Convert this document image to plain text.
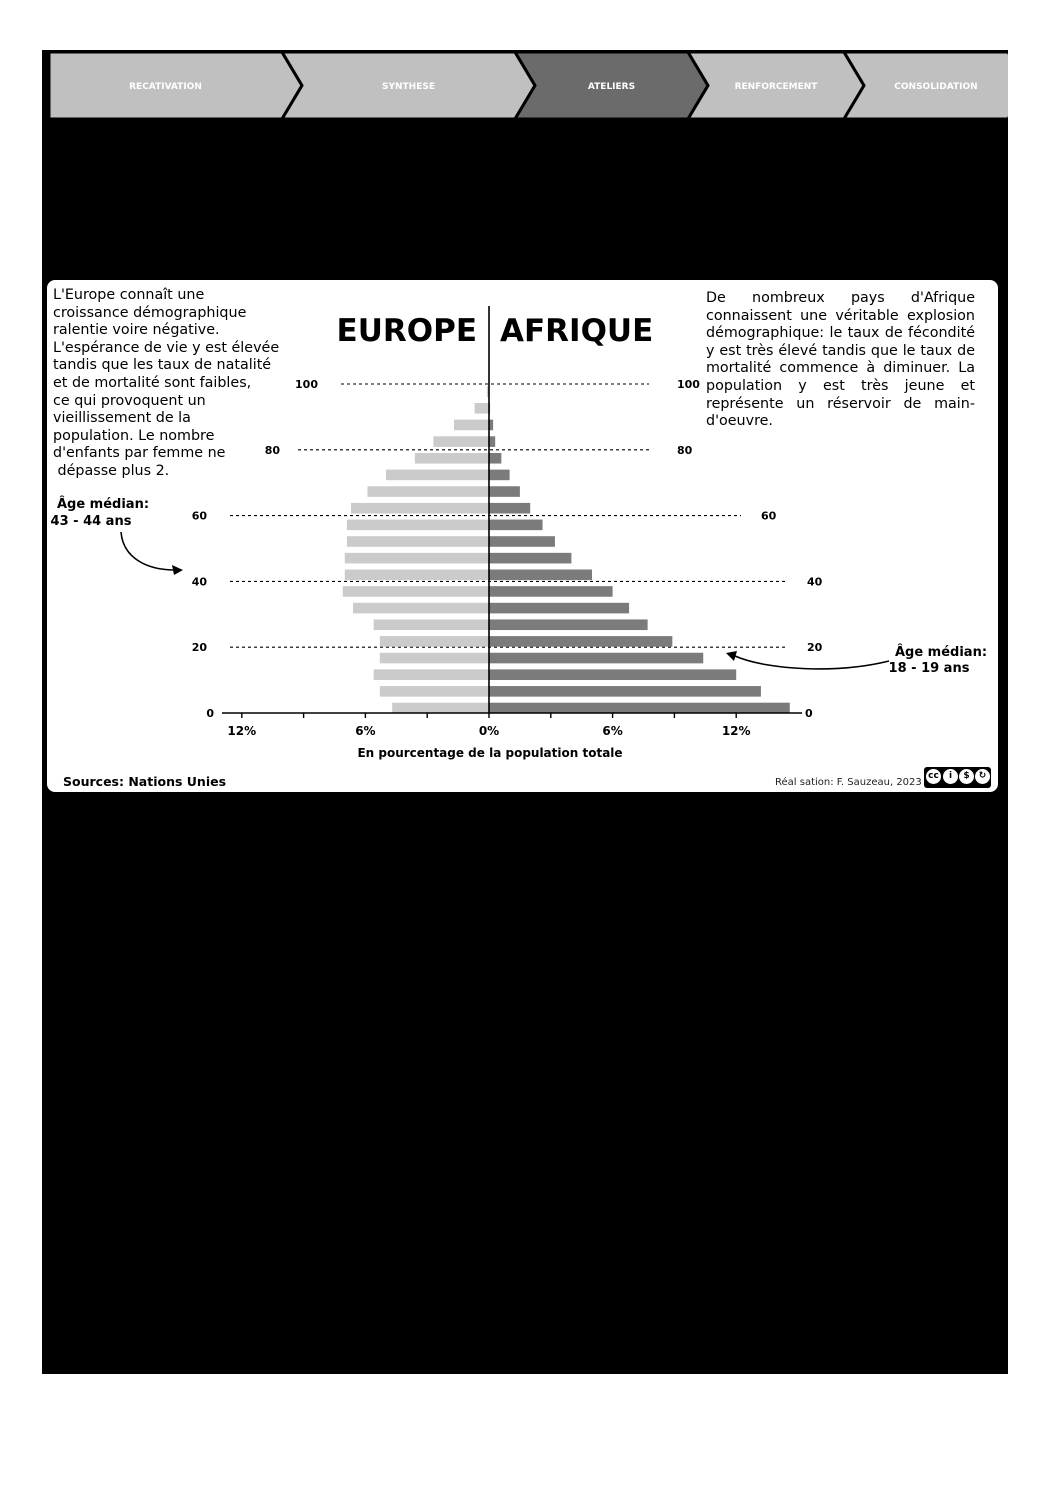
RECATIVATION	SYNTHESE	ATELIERS	RENFORCEMENT	CONSOLIDATION
100	100
80	80
60	60
40	40
20	20
0	0
12%	6%	0%	6%	12%
EUROPE AFRIQUE
En pourcentage de la population totale
Âge médian:
43 - 44 ans
Âge médian:
18 - 19 ans

L'Europe connaît une
croissance démographique
ralentie voire négative.
L'espérance de vie y est élevée
tandis que les taux de natalité
et de mortalité sont faibles,
ce qui provoquent un
vieillissement de la
population. Le nombre
d'enfants par femme ne
dépasse plus 2.

De nombreux pays d'Afrique connaissent une véritable explosion démographique: le taux de fécondité y est très élevé tandis que le taux de mortalité commence à diminuer. La population y est très jeune et représente un réservoir de main-d'oeuvre.

Sources: Nations Unies	Réal sation: F. Sauzeau, 2023
cc	i	$	↻
